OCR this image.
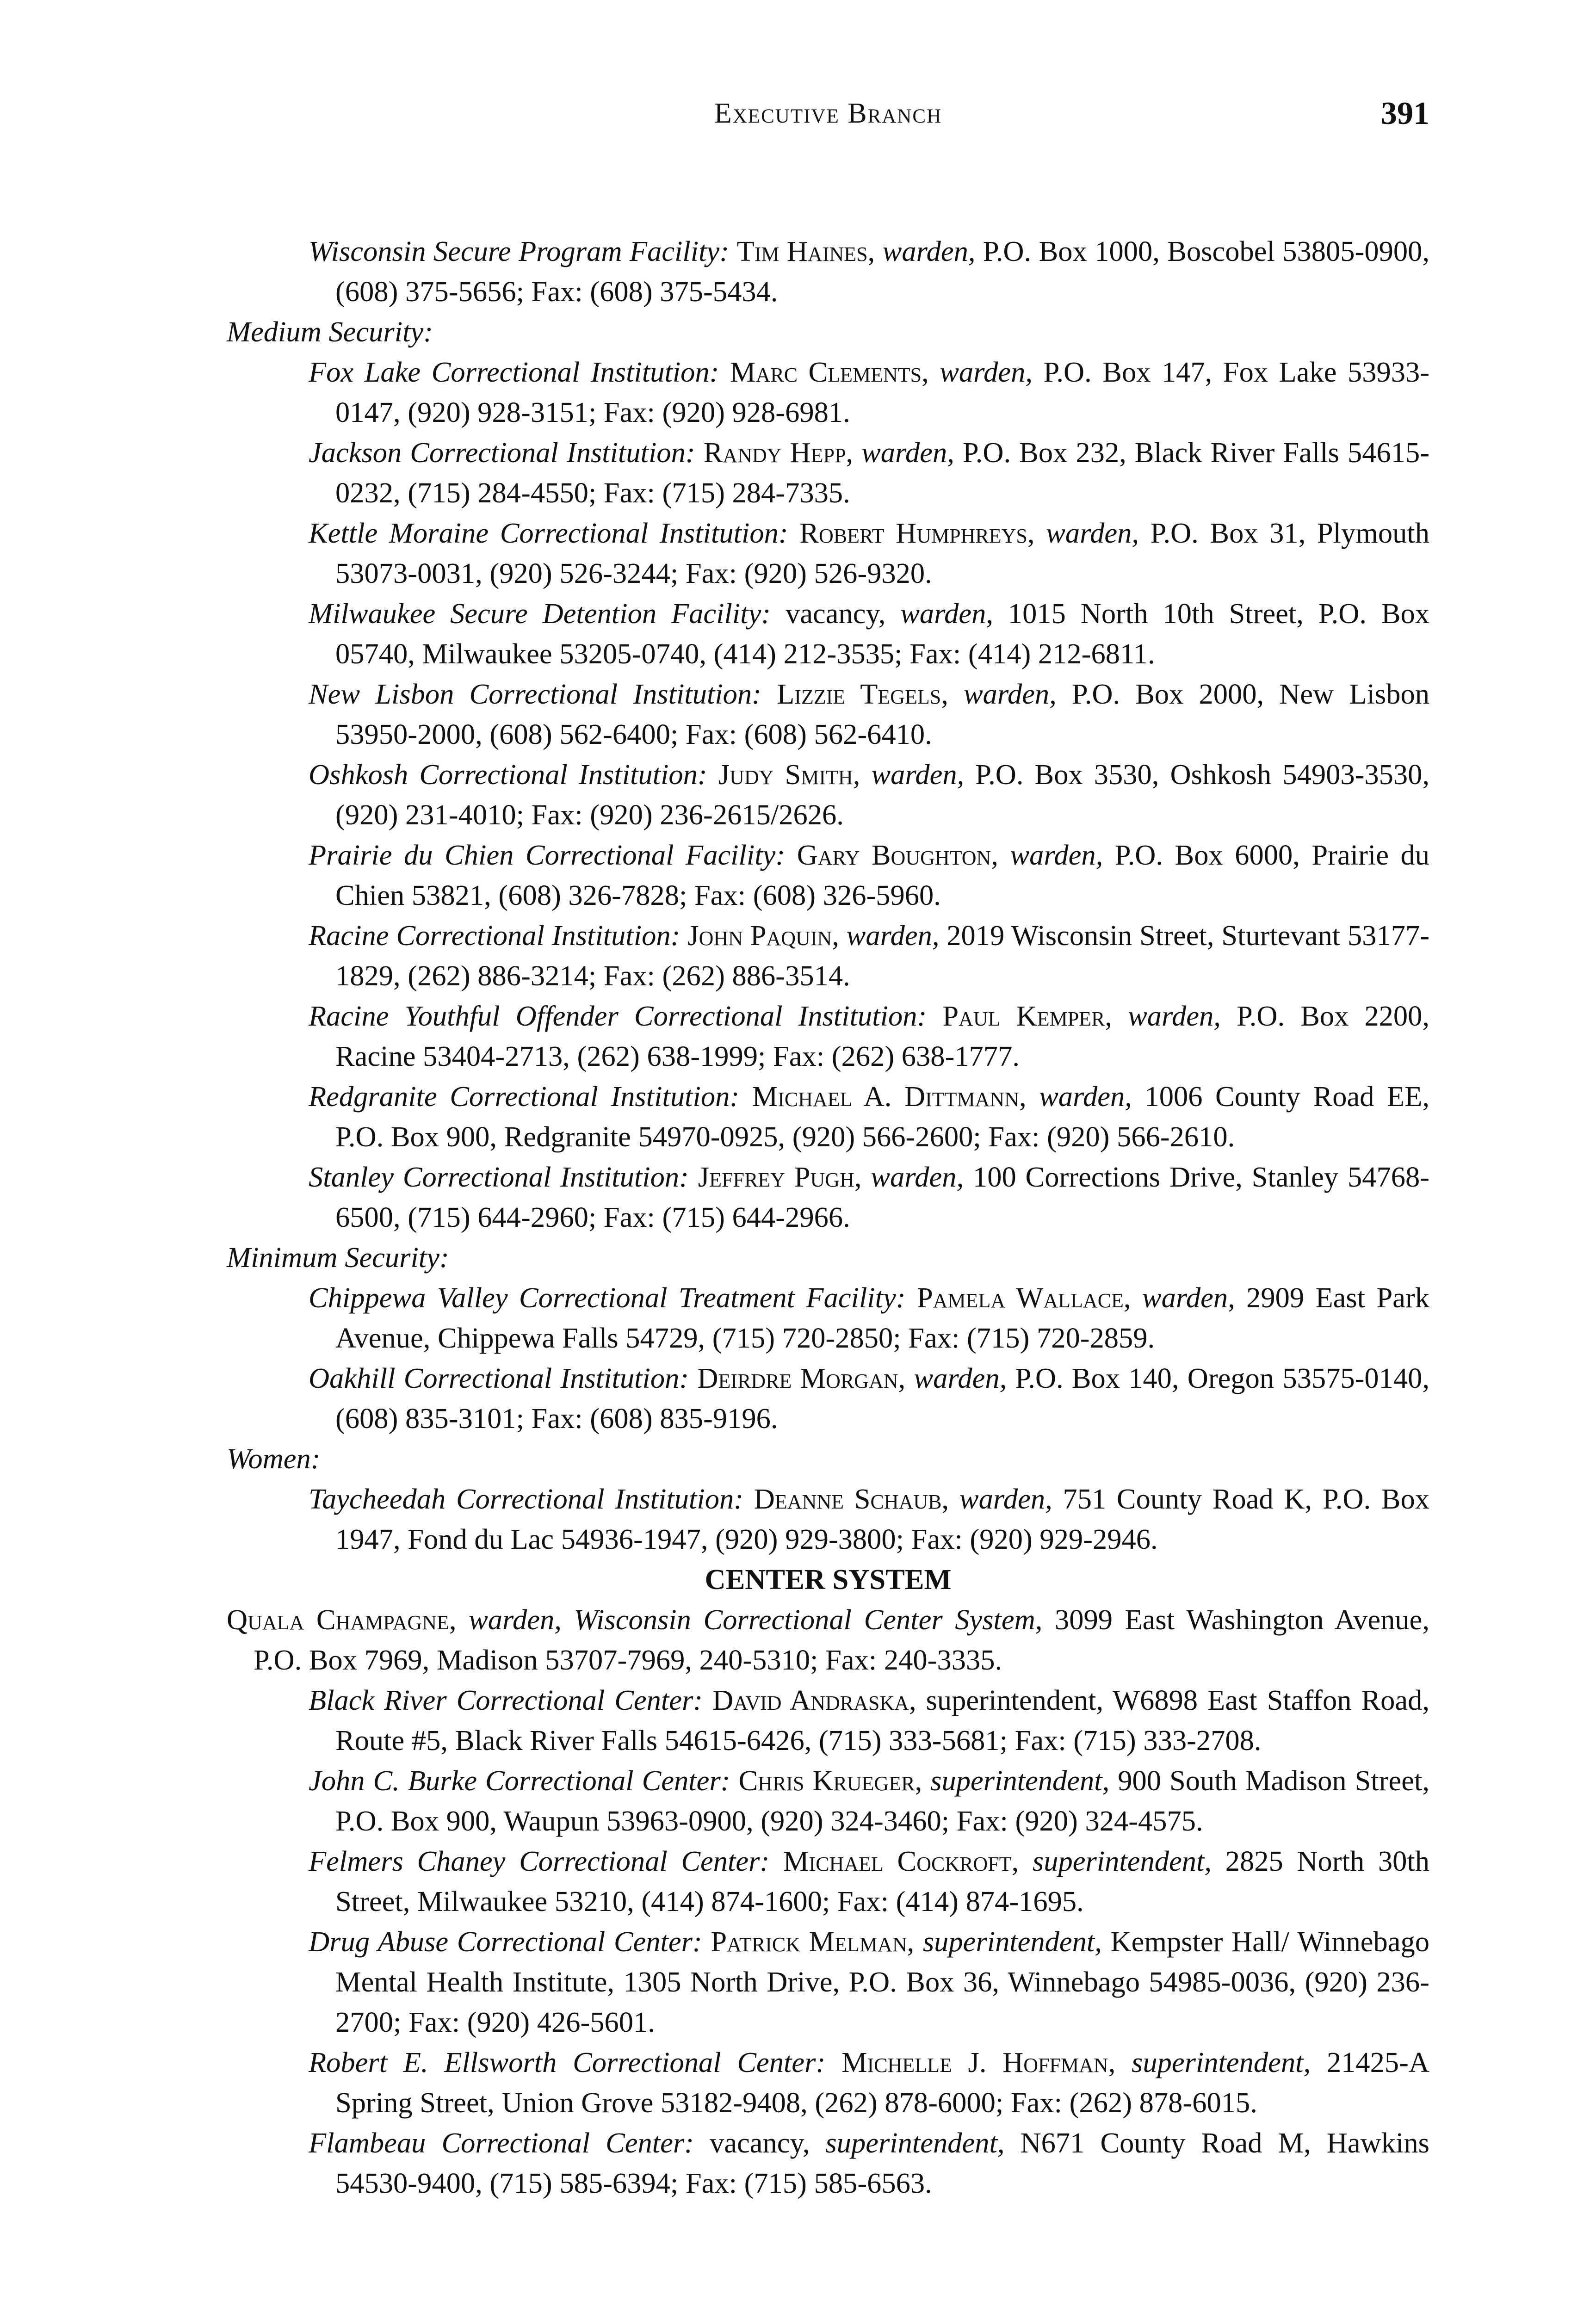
Executive Branch	391
Wisconsin Secure Program Facility: Tim Haines, warden, P.O. Box 1000, Boscobel 53805-0900, (608) 375-5656; Fax: (608) 375-5434.
Medium Security:
Fox Lake Correctional Institution: Marc Clements, warden, P.O. Box 147, Fox Lake 53933-0147, (920) 928-3151; Fax: (920) 928-6981.
Jackson Correctional Institution: Randy Hepp, warden, P.O. Box 232, Black River Falls 54615-0232, (715) 284-4550; Fax: (715) 284-7335.
Kettle Moraine Correctional Institution: Robert Humphreys, warden, P.O. Box 31, Plymouth 53073-0031, (920) 526-3244; Fax: (920) 526-9320.
Milwaukee Secure Detention Facility: vacancy, warden, 1015 North 10th Street, P.O. Box 05740, Milwaukee 53205-0740, (414) 212-3535; Fax: (414) 212-6811.
New Lisbon Correctional Institution: Lizzie Tegels, warden, P.O. Box 2000, New Lisbon 53950-2000, (608) 562-6400; Fax: (608) 562-6410.
Oshkosh Correctional Institution: Judy Smith, warden, P.O. Box 3530, Oshkosh 54903-3530, (920) 231-4010; Fax: (920) 236-2615/2626.
Prairie du Chien Correctional Facility: Gary Boughton, warden, P.O. Box 6000, Prairie du Chien 53821, (608) 326-7828; Fax: (608) 326-5960.
Racine Correctional Institution: John Paquin, warden, 2019 Wisconsin Street, Sturtevant 53177-1829, (262) 886-3214; Fax: (262) 886-3514.
Racine Youthful Offender Correctional Institution: Paul Kemper, warden, P.O. Box 2200, Racine 53404-2713, (262) 638-1999; Fax: (262) 638-1777.
Redgranite Correctional Institution: Michael A. Dittmann, warden, 1006 County Road EE, P.O. Box 900, Redgranite 54970-0925, (920) 566-2600; Fax: (920) 566-2610.
Stanley Correctional Institution: Jeffrey Pugh, warden, 100 Corrections Drive, Stanley 54768-6500, (715) 644-2960; Fax: (715) 644-2966.
Minimum Security:
Chippewa Valley Correctional Treatment Facility: Pamela Wallace, warden, 2909 East Park Avenue, Chippewa Falls 54729, (715) 720-2850; Fax: (715) 720-2859.
Oakhill Correctional Institution: Deirdre Morgan, warden, P.O. Box 140, Oregon 53575-0140, (608) 835-3101; Fax: (608) 835-9196.
Women:
Taycheedah Correctional Institution: Deanne Schaub, warden, 751 County Road K, P.O. Box 1947, Fond du Lac 54936-1947, (920) 929-3800; Fax: (920) 929-2946.
CENTER SYSTEM
Quala Champagne, warden, Wisconsin Correctional Center System, 3099 East Washington Avenue, P.O. Box 7969, Madison 53707-7969, 240-5310; Fax: 240-3335.
Black River Correctional Center: David Andraska, superintendent, W6898 East Staffon Road, Route #5, Black River Falls 54615-6426, (715) 333-5681; Fax: (715) 333-2708.
John C. Burke Correctional Center: Chris Krueger, superintendent, 900 South Madison Street, P.O. Box 900, Waupun 53963-0900, (920) 324-3460; Fax: (920) 324-4575.
Felmers Chaney Correctional Center: Michael Cockroft, superintendent, 2825 North 30th Street, Milwaukee 53210, (414) 874-1600; Fax: (414) 874-1695.
Drug Abuse Correctional Center: Patrick Melman, superintendent, Kempster Hall/ Winnebago Mental Health Institute, 1305 North Drive, P.O. Box 36, Winnebago 54985-0036, (920) 236-2700; Fax: (920) 426-5601.
Robert E. Ellsworth Correctional Center: Michelle J. Hoffman, superintendent, 21425-A Spring Street, Union Grove 53182-9408, (262) 878-6000; Fax: (262) 878-6015.
Flambeau Correctional Center: vacancy, superintendent, N671 County Road M, Hawkins 54530-9400, (715) 585-6394; Fax: (715) 585-6563.
